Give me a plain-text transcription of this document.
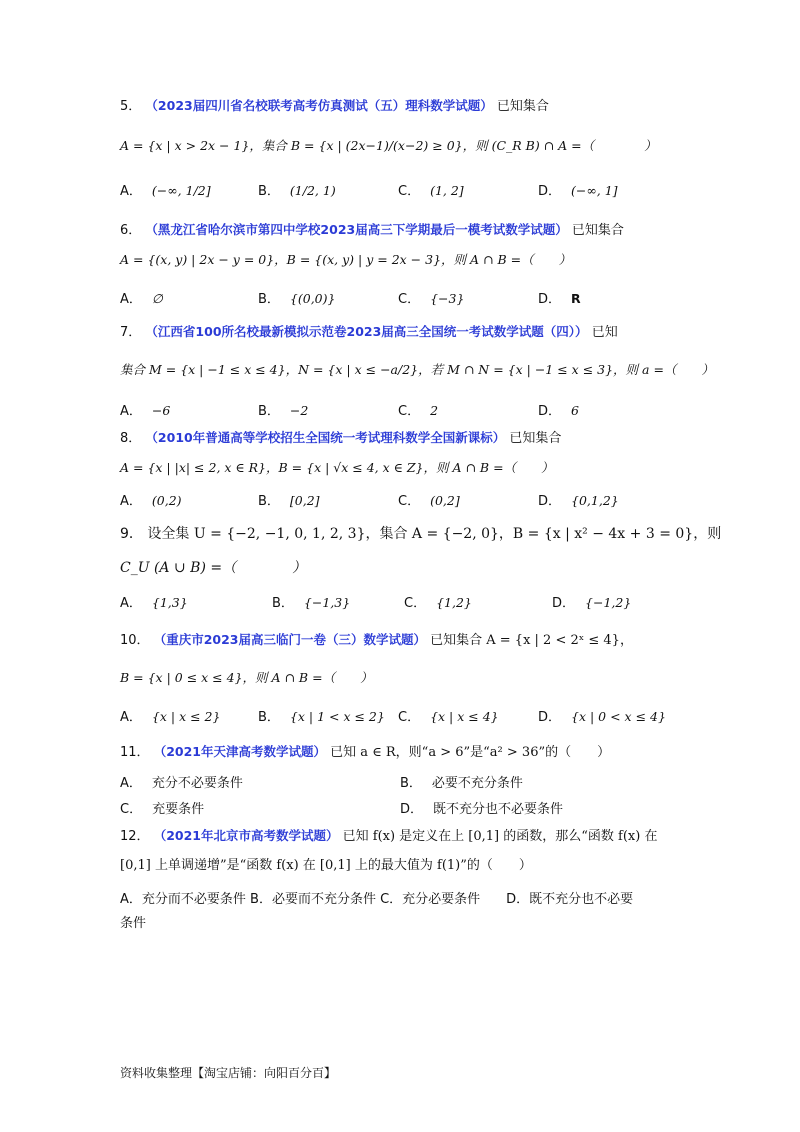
5． （2023届四川省名校联考高考仿真测试（五）理科数学试题） 已知集合
A = {x | x > 2x − 1}，集合 B = {x | (2x−1)/(x−2) ≥ 0}，则 (C_R B) ∩ A =（　　　　）
A． (−∞, 1/2]	B． (1/2, 1)	C． (1, 2]	D． (−∞, 1]
6． （黑龙江省哈尔滨市第四中学校2023届高三下学期最后一模考试数学试题） 已知集合
A = {(x, y) | 2x − y = 0}，B = {(x, y) | y = 2x − 3}，则 A ∩ B =（　　）
A． ∅	B． {(0,0)}	C． {−3}	D． R
7． （江西省100所名校最新模拟示范卷2023届高三全国统一考试数学试题（四）） 已知
集合 M = {x | −1 ≤ x ≤ 4}，N = {x | x ≤ −a/2}，若 M ∩ N = {x | −1 ≤ x ≤ 3}，则 a =（　　）
A． −6	B． −2	C． 2	D． 6
8． （2010年普通高等学校招生全国统一考试理科数学全国新课标） 已知集合
A = {x | |x| ≤ 2, x ∈ R}，B = {x | √x ≤ 4, x ∈ Z}，则 A ∩ B =（　　）
A． (0,2)	B． [0,2]	C． (0,2]	D． {0,1,2}
9． 设全集 U = {−2, −1, 0, 1, 2, 3}，集合 A = {−2, 0}，B = {x | x² − 4x + 3 = 0}，则
C_U (A ∪ B) =（　　　　）
A． {1,3}	B． {−1,3}	C． {1,2}	D． {−1,2}
10． （重庆市2023届高三临门一卷（三）数学试题） 已知集合 A = {x | 2 < 2ˣ ≤ 4}，
B = {x | 0 ≤ x ≤ 4}，则 A ∩ B =（　　）
A． {x | x ≤ 2}	B． {x | 1 < x ≤ 2} C． {x | x ≤ 4}	D． {x | 0 < x ≤ 4}
11． （2021年天津高考数学试题） 已知 a ∈ R，则“a > 6”是“a² > 36”的（　　）
A． 充分不必要条件	B． 必要不充分条件
C． 充要条件	D． 既不充分也不必要条件
12． （2021年北京市高考数学试题） 已知 f(x) 是定义在上 [0,1] 的函数，那么“函数 f(x) 在
[0,1] 上单调递增”是“函数 f(x) 在 [0,1] 上的最大值为 f(1)”的（　　）
A．充分而不必要条件 B．必要而不充分条件 C．充分必要条件　　D．既不充分也不必要
条件
资料收集整理【淘宝店铺：向阳百分百】
